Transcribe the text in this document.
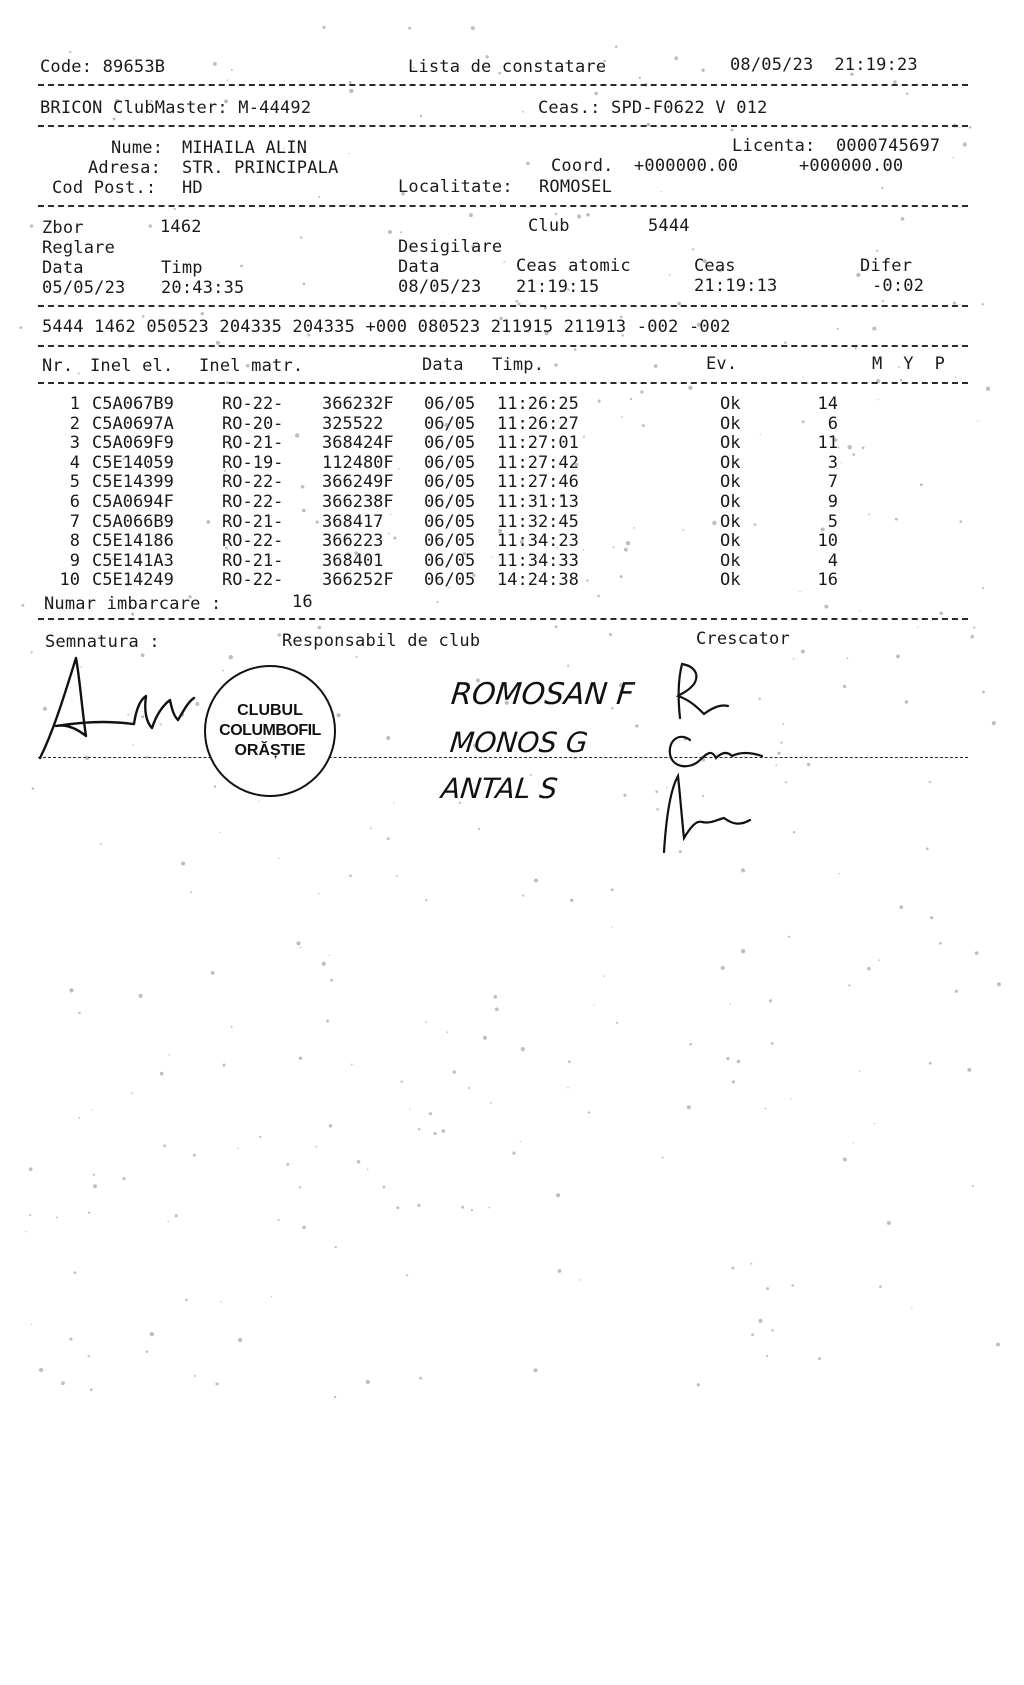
Code: 89653B	Lista de constatare	08/05/23  21:19:23
BRICON ClubMaster: M-44492	Ceas.: SPD-F0622 V 012
Nume: MIHAILA ALIN	Licenta: 0000745697
Adresa: STR. PRINCIPALA	Coord. +000000.00	+000000.00
Cod Post.: HD	Localitate: ROMOSEL
Zbor	1462	Club	5444
Reglare	Desigilare
Data	Timp	Data	Ceas atomic	Ceas	Difer
05/05/23 20:43:35	08/05/23 21:19:15	21:19:13	-0:02
5444 1462 050523 204335 204335 +000 080523 211915 211913 -002 -002
Nr. Inel el. Inel matr.	Data Timp.	Ev.	M  Y  P
1 C5A067B9	RO-22- 366232F 06/05 11:26:25	Ok	14
2 C5A0697A	RO-20- 325522 06/05 11:26:27	Ok	6
3 C5A069F9	RO-21- 368424F 06/05 11:27:01	Ok	11
4 C5E14059	RO-19- 112480F 06/05 11:27:42	Ok	3
5 C5E14399	RO-22- 366249F 06/05 11:27:46	Ok	7
6 C5A0694F	RO-22- 366238F 06/05 11:31:13	Ok	9
7 C5A066B9	RO-21- 368417 06/05 11:32:45	Ok	5
8 C5E14186	RO-22- 366223 06/05 11:34:23	Ok	10
9 C5E141A3	RO-21- 368401 06/05 11:34:33	Ok	4
10 C5E14249	RO-22- 366252F 06/05 14:24:38	Ok	16
Numar imbarcare :	16
Semnatura :	Responsabil de club	Crescator
CLUBUL
COLUMBOFIL
ORĂȘTIE
ROMOSAN F
MONOS G
ANTAL S
